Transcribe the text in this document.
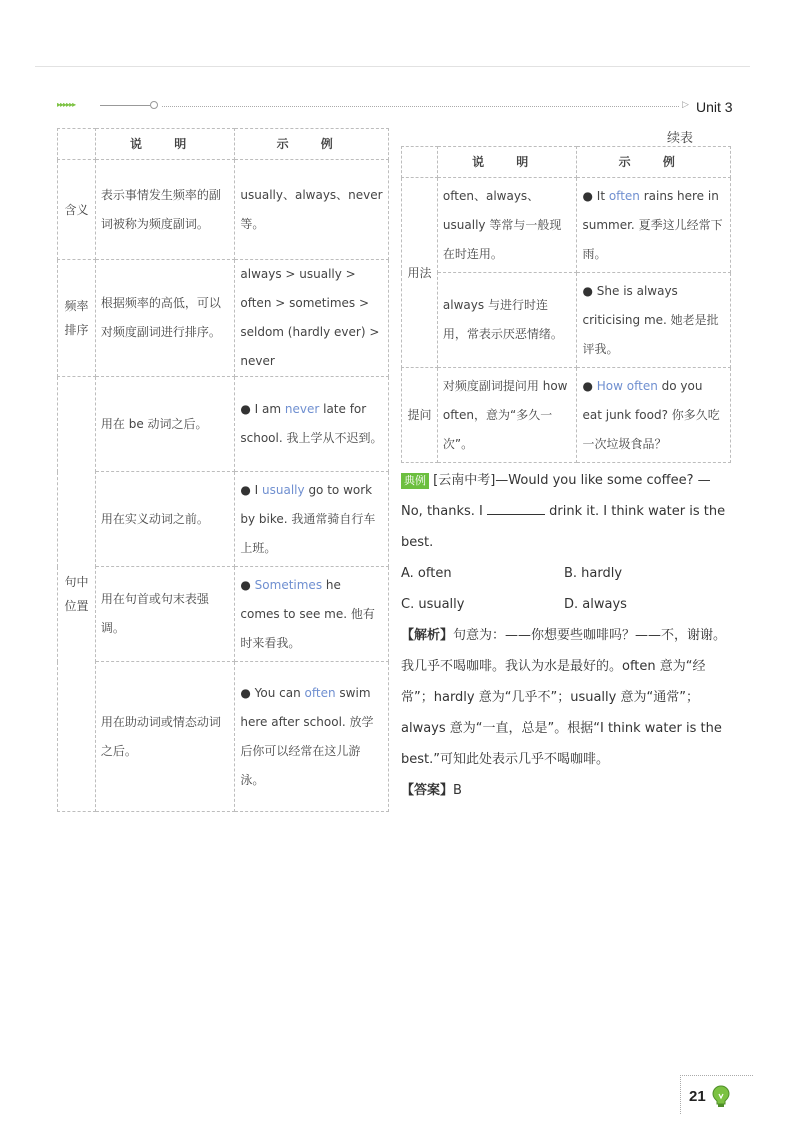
▸▸▸▸▸▸	▷ Unit 3
续表
	说 明	示 例
含义	表示事情发生频率的副词被称为频度副词。	usually、always、never 等。
频率排序	根据频率的高低，可以对频度副词进行排序。	always > usually > often > sometimes > seldom (hardly ever) > never
句中位置	用在 be 动词之后。	● I am never late for school. 我上学从不迟到。
	用在实义动词之前。	● I usually go to work by bike. 我通常骑自行车上班。
	用在句首或句末表强调。	● Sometimes he comes to see me. 他有时来看我。
	用在助动词或情态动词之后。	● You can often swim here after school. 放学后你可以经常在这儿游泳。
	说 明	示 例
用法	often、always、usually 等常与一般现在时连用。	● It often rains here in summer. 夏季这儿经常下雨。
	always 与进行时连用，常表示厌恶情绪。	● She is always criticising me. 她老是批评我。
提问	对频度副词提问用 how often，意为“多久一次”。	● How often do you eat junk food? 你多久吃一次垃圾食品？
典例 [云南中考]—Would you like some coffee? —No, thanks. I	drink it. I think water is the best.
A. often	B. hardly
C. usually	D. always
【解析】句意为：——你想要些咖啡吗？——不，谢谢。我几乎不喝咖啡。我认为水是最好的。often 意为“经常”；hardly 意为“几乎不”；usually 意为“通常”；always 意为“一直，总是”。根据“I think water is the best.”可知此处表示几乎不喝咖啡。
【答案】B
21
